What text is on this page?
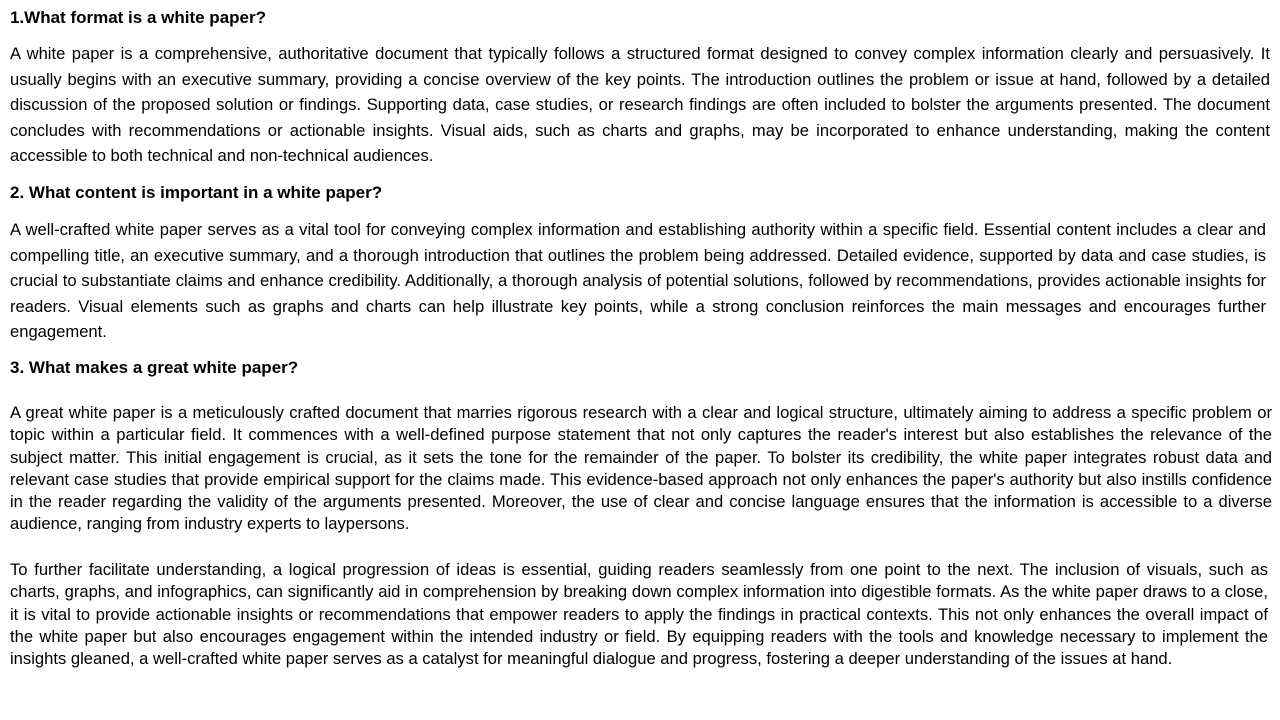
1.What format is a white paper?

A white paper is a comprehensive, authoritative document that typically follows a structured format designed to convey complex information clearly and persuasively. It usually begins with an executive summary, providing a concise overview of the key points. The introduction outlines the problem or issue at hand, followed by a detailed discussion of the proposed solution or findings. Supporting data, case studies, or research findings are often included to bolster the arguments presented. The document concludes with recommendations or actionable insights. Visual aids, such as charts and graphs, may be incorporated to enhance understanding, making the content accessible to both technical and non-technical audiences.

2. What content is important in a white paper?

A well-crafted white paper serves as a vital tool for conveying complex information and establishing authority within a specific field. Essential content includes a clear and compelling title, an executive summary, and a thorough introduction that outlines the problem being addressed. Detailed evidence, supported by data and case studies, is crucial to substantiate claims and enhance credibility. Additionally, a thorough analysis of potential solutions, followed by recommendations, provides actionable insights for readers. Visual elements such as graphs and charts can help illustrate key points, while a strong conclusion reinforces the main messages and encourages further engagement.

3. What makes a great white paper?

A great white paper is a meticulously crafted document that marries rigorous research with a clear and logical structure, ultimately aiming to address a specific problem or topic within a particular field. It commences with a well-defined purpose statement that not only captures the reader's interest but also establishes the relevance of the subject matter. This initial engagement is crucial, as it sets the tone for the remainder of the paper. To bolster its credibility, the white paper integrates robust data and relevant case studies that provide empirical support for the claims made. This evidence-based approach not only enhances the paper's authority but also instills confidence in the reader regarding the validity of the arguments presented. Moreover, the use of clear and concise language ensures that the information is accessible to a diverse audience, ranging from industry experts to laypersons.

To further facilitate understanding, a logical progression of ideas is essential, guiding readers seamlessly from one point to the next. The inclusion of visuals, such as charts, graphs, and infographics, can significantly aid in comprehension by breaking down complex information into digestible formats. As the white paper draws to a close, it is vital to provide actionable insights or recommendations that empower readers to apply the findings in practical contexts. This not only enhances the overall impact of the white paper but also encourages engagement within the intended industry or field. By equipping readers with the tools and knowledge necessary to implement the insights gleaned, a well-crafted white paper serves as a catalyst for meaningful dialogue and progress, fostering a deeper understanding of the issues at hand.
